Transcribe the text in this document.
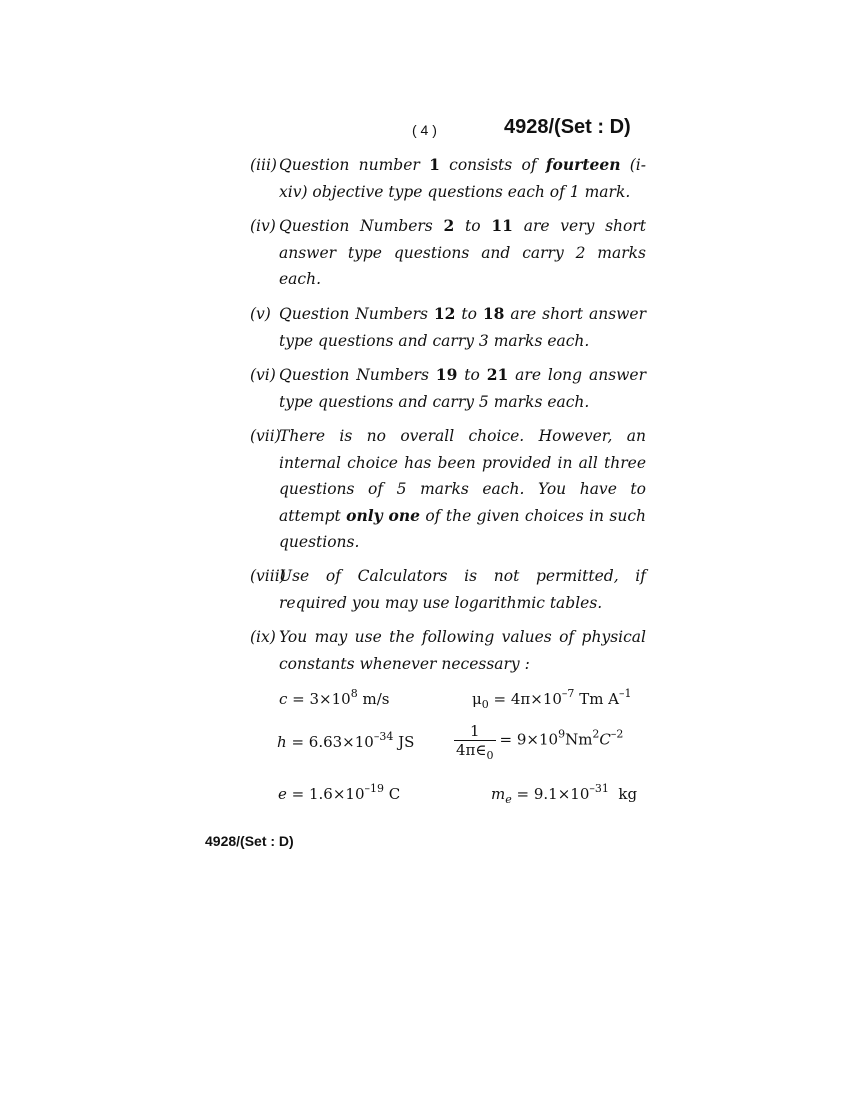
( 4 )	4928/(Set : D)
(iii) Question number 1 consists of fourteen (i-xiv) objective type questions each of 1 mark.
(iv) Question Numbers 2 to 11 are very short answer type questions and carry 2 marks each.
(v) Question Numbers 12 to 18 are short answer type questions and carry 3 marks each.
(vi) Question Numbers 19 to 21 are long answer type questions and carry 5 marks each.
(vii)
There is no overall choice. However, an internal choice has been provided in all three questions of 5 marks each. You have to attempt only one of the given choices in such questions.
(viii)
Use of Calculators is not permitted, if required you may use logarithmic tables.
(ix) You may use the following values of physical constants whenever necessary :
$c = 3\times 10^8$ m/s	$\mu_0 = 4\pi\times 10^{-7}$ Tm $A^{-1}$
$h = 6.63\times 10^{-34}$ JS	$\frac{1}{4\pi\in_0} = 9\times 10^9Nm^2C^{-2}$
$e = 1.6\times 10^{-19}$ C	$m_e = 9.1\times 10^{-31}$  kg
4928/(Set : D)
